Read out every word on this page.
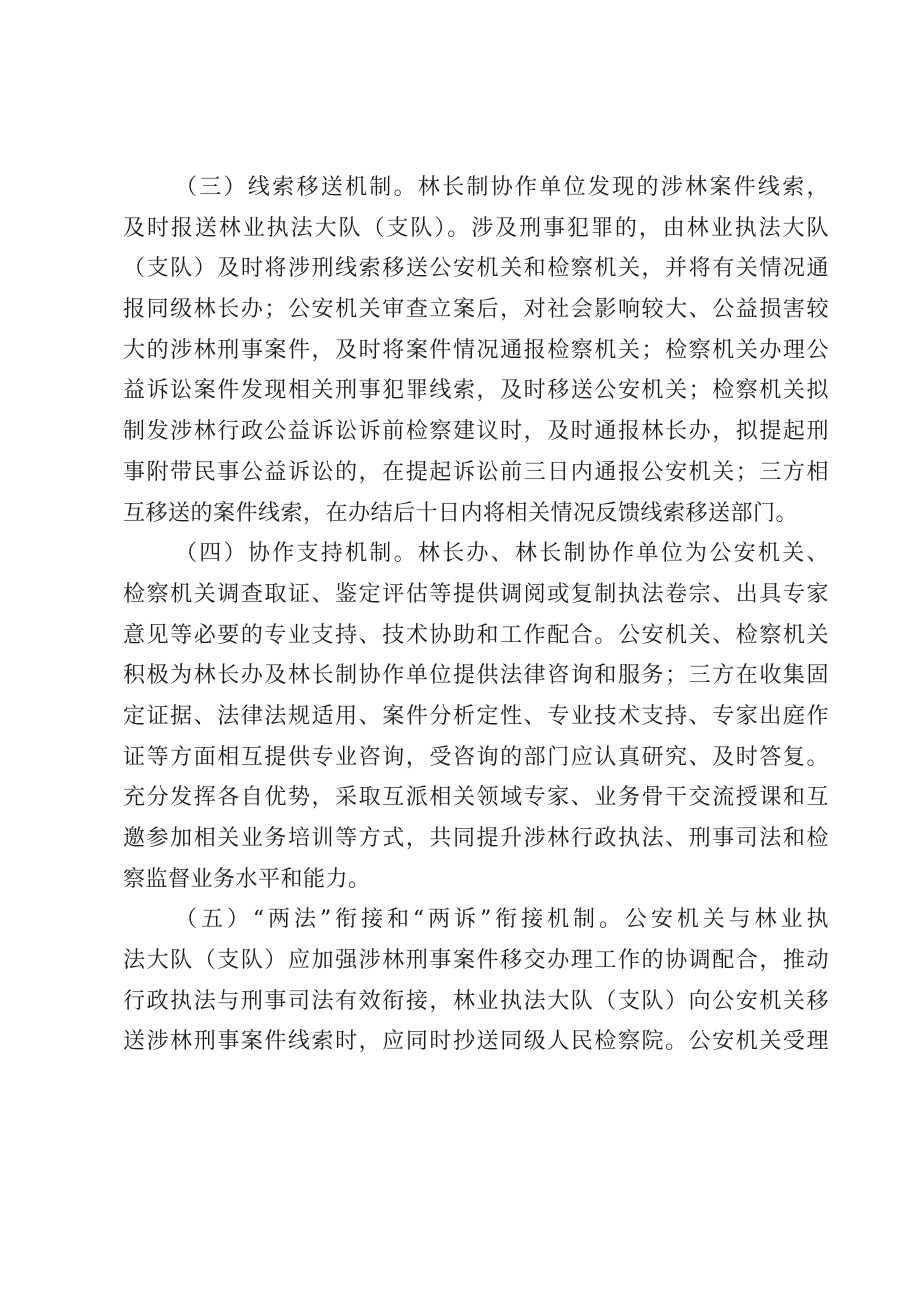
（三）线索移送机制。林长制协作单位发现的涉林案件线索，
及时报送林业执法大队（支队）。涉及刑事犯罪的，由林业执法大队
（支队）及时将涉刑线索移送公安机关和检察机关，并将有关情况通
报同级林长办；公安机关审查立案后，对社会影响较大、公益损害较
大的涉林刑事案件，及时将案件情况通报检察机关；检察机关办理公
益诉讼案件发现相关刑事犯罪线索，及时移送公安机关；检察机关拟
制发涉林行政公益诉讼诉前检察建议时，及时通报林长办，拟提起刑
事附带民事公益诉讼的，在提起诉讼前三日内通报公安机关；三方相
互移送的案件线索，在办结后十日内将相关情况反馈线索移送部门。
（四）协作支持机制。林长办、林长制协作单位为公安机关、
检察机关调查取证、鉴定评估等提供调阅或复制执法卷宗、出具专家
意见等必要的专业支持、技术协助和工作配合。公安机关、检察机关
积极为林长办及林长制协作单位提供法律咨询和服务；三方在收集固
定证据、法律法规适用、案件分析定性、专业技术支持、专家出庭作
证等方面相互提供专业咨询，受咨询的部门应认真研究、及时答复。
充分发挥各自优势，采取互派相关领域专家、业务骨干交流授课和互
邀参加相关业务培训等方式，共同提升涉林行政执法、刑事司法和检
察监督业务水平和能力。
（五）“两法”衔接和“两诉”衔接机制。公安机关与林业执
法大队（支队）应加强涉林刑事案件移交办理工作的协调配合，推动
行政执法与刑事司法有效衔接，林业执法大队（支队）向公安机关移
送涉林刑事案件线索时，应同时抄送同级人民检察院。公安机关受理
